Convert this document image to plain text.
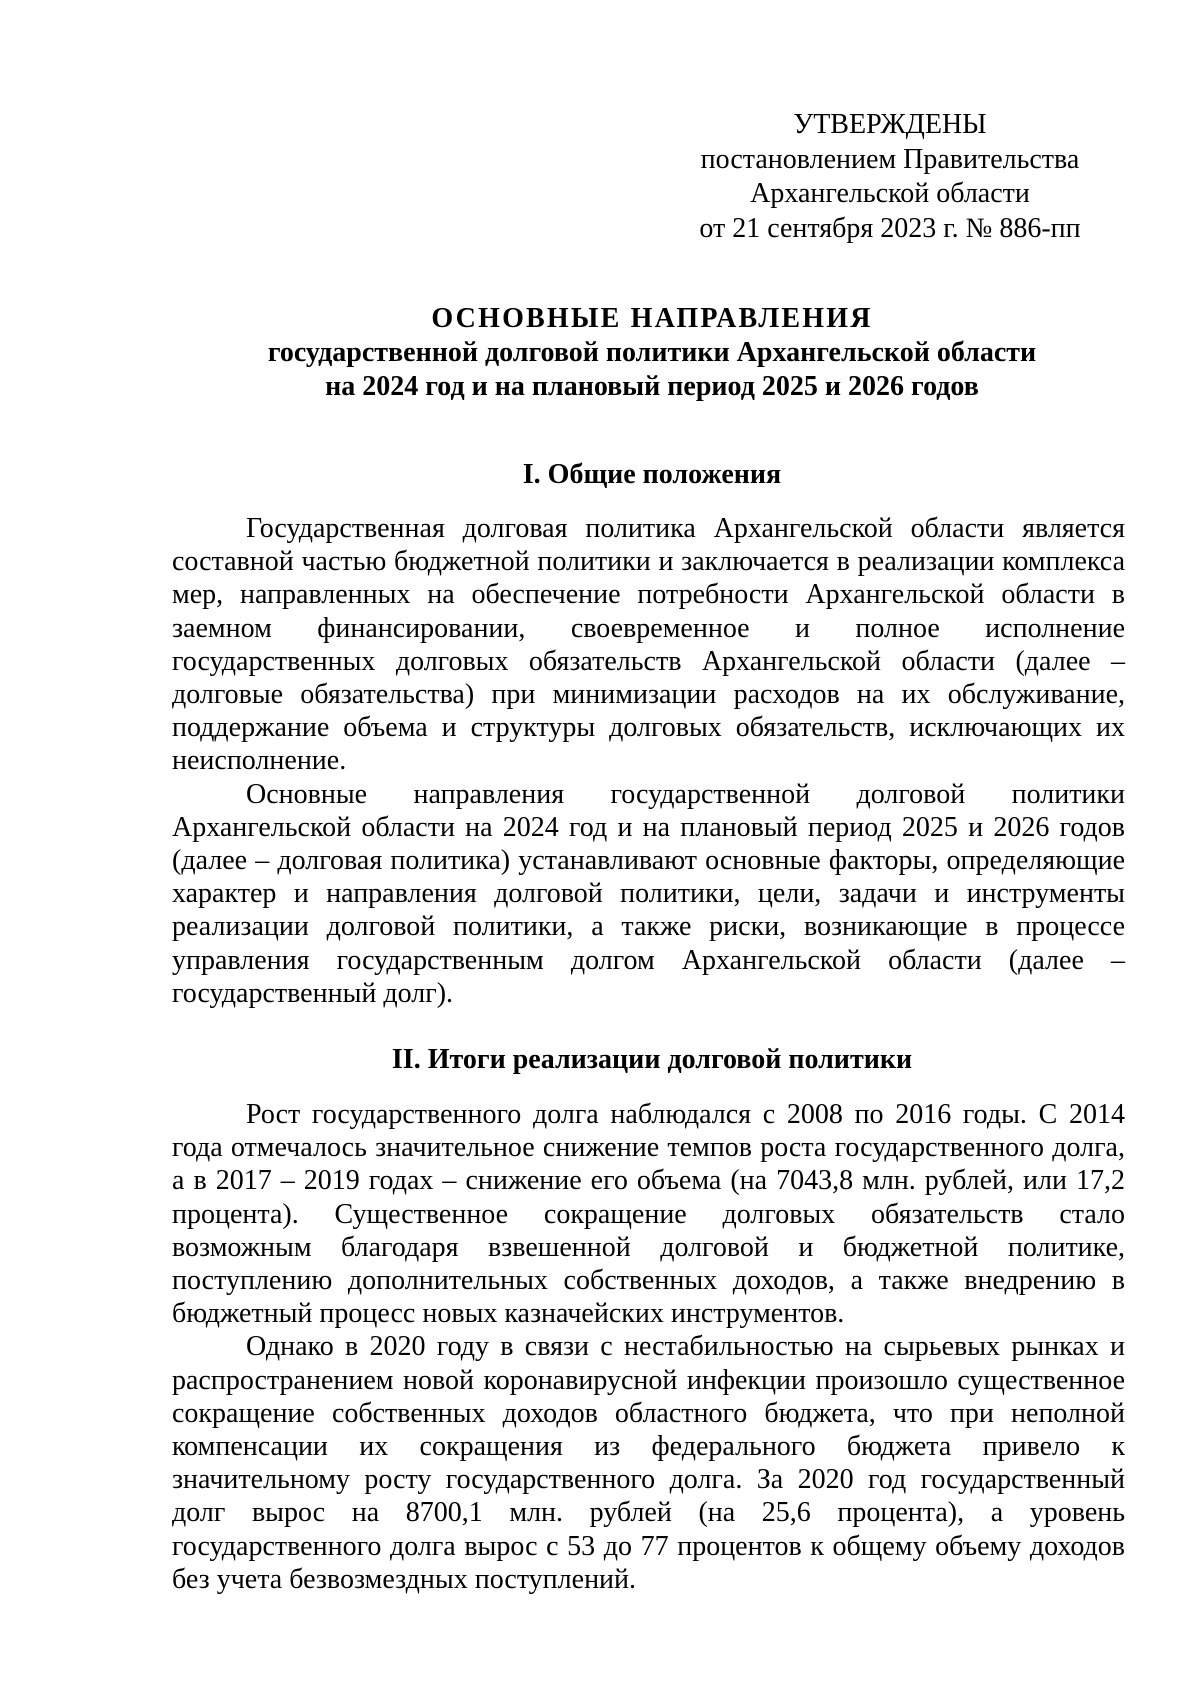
УТВЕРЖДЕНЫ
постановлением Правительства
Архангельской области
от 21 сентября 2023 г. № 886-пп
ОСНОВНЫЕ НАПРАВЛЕНИЯ
государственной долговой политики Архангельской области
на 2024 год и на плановый период 2025 и 2026 годов
I. Общие положения

Государственная долговая политика Архангельской области является составной частью бюджетной политики и заключается в реализации комплекса мер, направленных на обеспечение потребности Архангельской области в заемном финансировании, своевременное и полное исполнение государственных долговых обязательств Архангельской области (далее – долговые обязательства) при минимизации расходов на их обслуживание, поддержание объема и структуры долговых обязательств, исключающих их неисполнение.

Основные направления государственной долговой политики Архангельской области на 2024 год и на плановый период 2025 и 2026 годов (далее – долговая политика) устанавливают основные факторы, определяющие характер и направления долговой политики, цели, задачи и инструменты реализации долговой политики, а также риски, возникающие в процессе управления государственным долгом Архангельской области (далее – государственный долг).

II. Итоги реализации долговой политики

Рост государственного долга наблюдался с 2008 по 2016 годы. С 2014 года отмечалось значительное снижение темпов роста государственного долга, а в 2017 – 2019 годах – снижение его объема (на 7043,8 млн. рублей, или 17,2 процента). Существенное сокращение долговых обязательств стало возможным благодаря взвешенной долговой и бюджетной политике, поступлению дополнительных собственных доходов, а также внедрению в бюджетный процесс новых казначейских инструментов.

Однако в 2020 году в связи с нестабильностью на сырьевых рынках и распространением новой коронавирусной инфекции произошло существенное сокращение собственных доходов областного бюджета, что при неполной компенсации их сокращения из федерального бюджета привело к значительному росту государственного долга. За 2020 год государственный долг вырос на 8700,1 млн. рублей (на 25,6 процента), а уровень государственного долга вырос с 53 до 77 процентов к общему объему доходов без учета безвозмездных поступлений.
